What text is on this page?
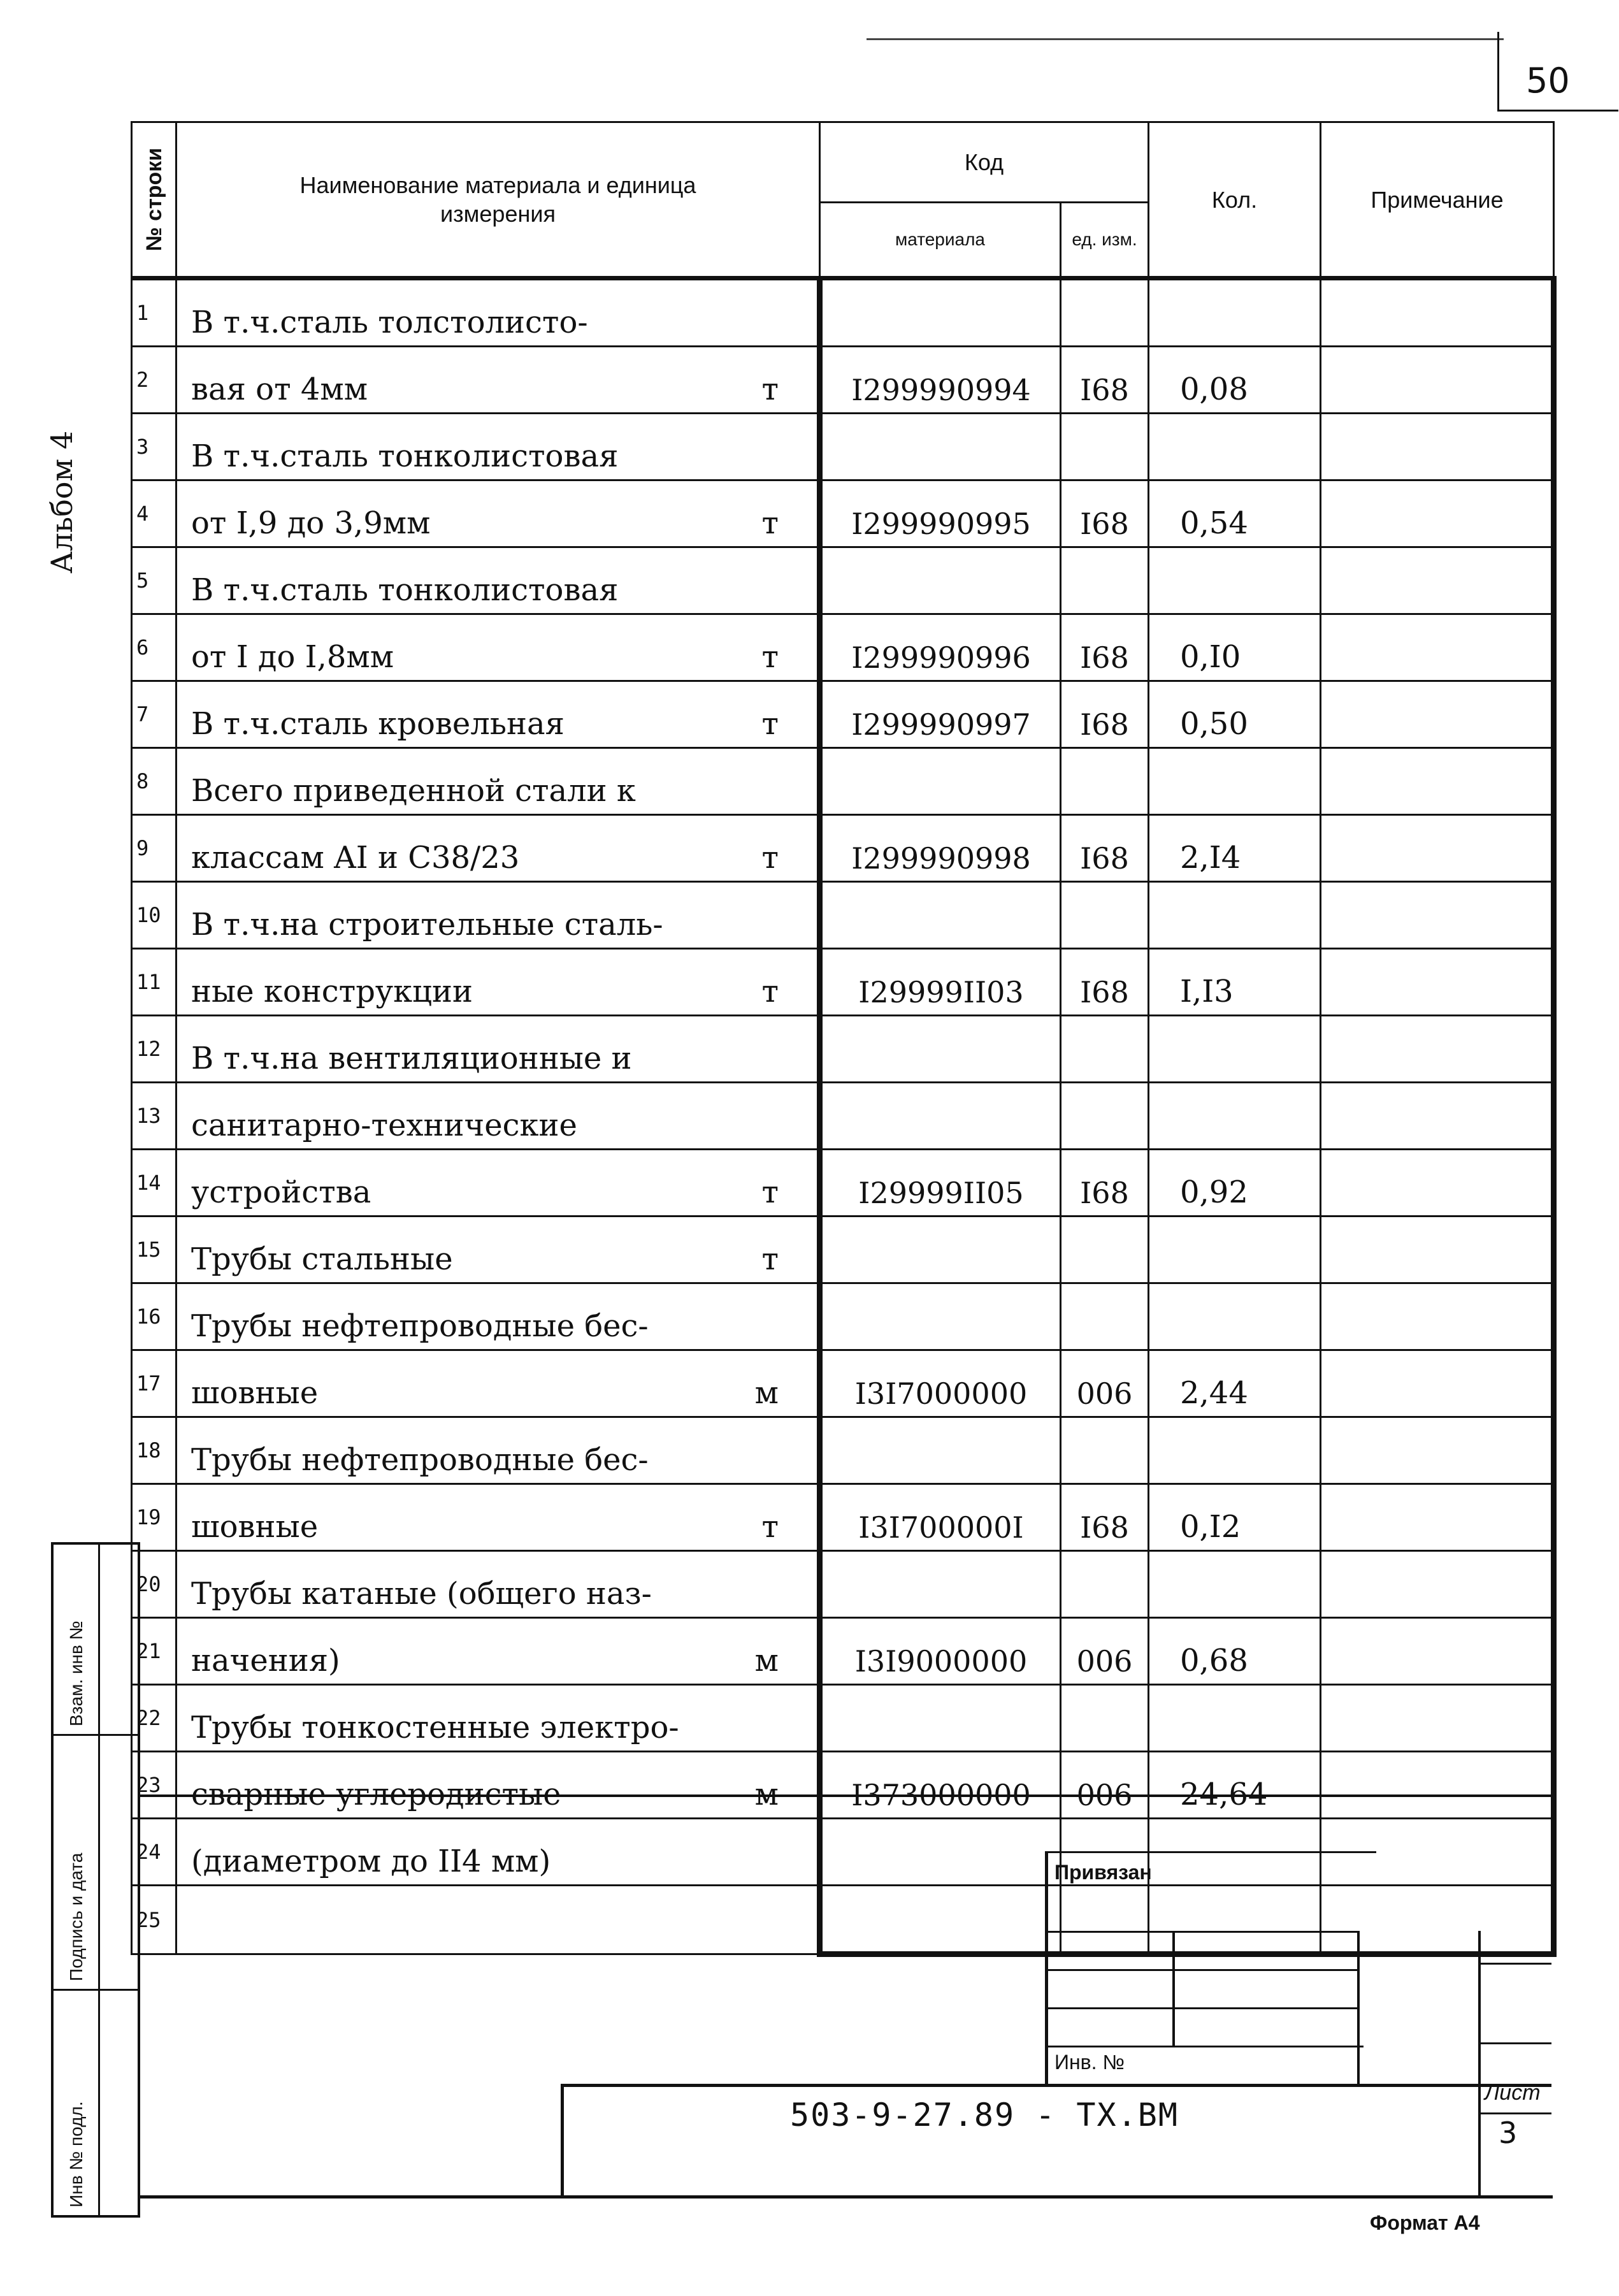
50
Альбом 4
№ строки	Наименование материала и единица измерения	Код		Кол.	Примечание
		материала	ед. изм.		
1	В т.ч.сталь толстолисто-

2	вая от 4мм т	I299990994	I68	0,08	
3	В т.ч.сталь тонколистовая

4	от I,9 до 3,9мм т	I299990995	I68	0,54	
5	В т.ч.сталь тонколистовая

6	от I до I,8мм т	I299990996	I68	0,I0	
7	В т.ч.сталь кровельная т	I299990997	I68	0,50	
8	Всего приведенной стали к

9	классам AI и C38/23 т	I299990998	I68	2,I4	
10	В т.ч.на строительные сталь-

11	ные конструкции т	I29999II03	I68	I,I3	
12	В т.ч.на вентиляционные и

13	санитарно-технические

14	устройства т	I29999II05	I68	0,92	
15	Трубы стальные т				

16	Трубы нефтепроводные бес-

17	шовные м	I3I7000000	006	2,44	
18	Трубы нефтепроводные бес-

19	шовные т	I3I700000I	I68	0,I2	
20	Трубы катаные (общего наз-

21	начения) м	I3I9000000	006	0,68	
22	Трубы тонкостенные электро-

23	сварные углеродистые м	I373000000	006	24,64	
24	(диаметром до II4 мм)

25	

Взам. инв №
Подпись и дата
Инв № подл.
Привязан
Инв. №
503-9-27.89 - ТХ.ВМ
Лист
3
Формат А4
